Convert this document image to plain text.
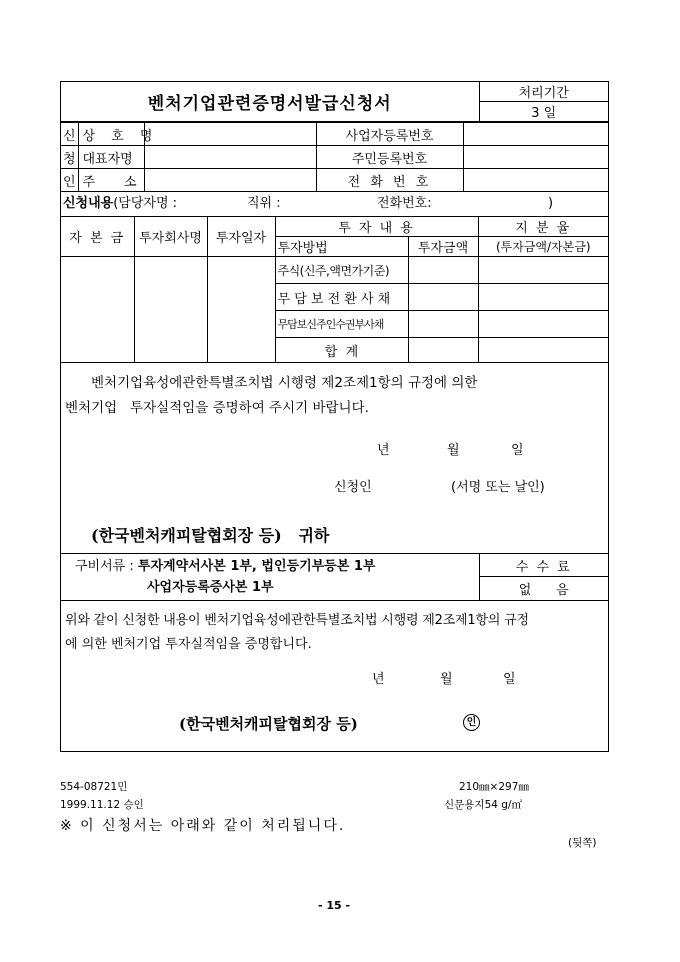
벤처기업관련증명서발급신청서	처리기간
3 일
신	상 호 명		사업자등록번호	
청	대표자명		주민등록번호	
인	주       소		전 화 번 호	
신청내용(담당자명 :	직위 :	전화번호:	)
자 본 금	투자회사명	투자일자	투 자 내 용		지 분 율
			투자방법	투자금액	(투자금액/자본금)
			주식(신주,액면가기준)		
			무 담 보 전 환 사 채		
			무담보신주인수권부사채		
			합  계		
벤처기업육성에관한특별조치법 시행령 제2조제1항의 규정에 의한
벤처기업   투자실적임을 증명하여 주시기 바랍니다.
년	월	일
신청인	(서명 또는 날인)
(한국벤처캐피탈협회장 등)   귀하
구비서류 : 투자계약서사본 1부, 법인등기부등본 1부
사업자등록증사본 1부
	수 수 료
없      음
위와 같이 신청한 내용이 벤처기업육성에관한특별조치법 시행령 제2조제1항의 규정
에 의한 벤처기업 투자실적임을 증명합니다.
년	월	일
(한국벤처캐피탈협회장 등)	인
554-08721민
1999.11.12 승인
210㎜×297㎜
신문용지54 g/㎡
※ 이 신청서는 아래와 같이 처리됩니다.
(뒷쪽)
- 15 -
